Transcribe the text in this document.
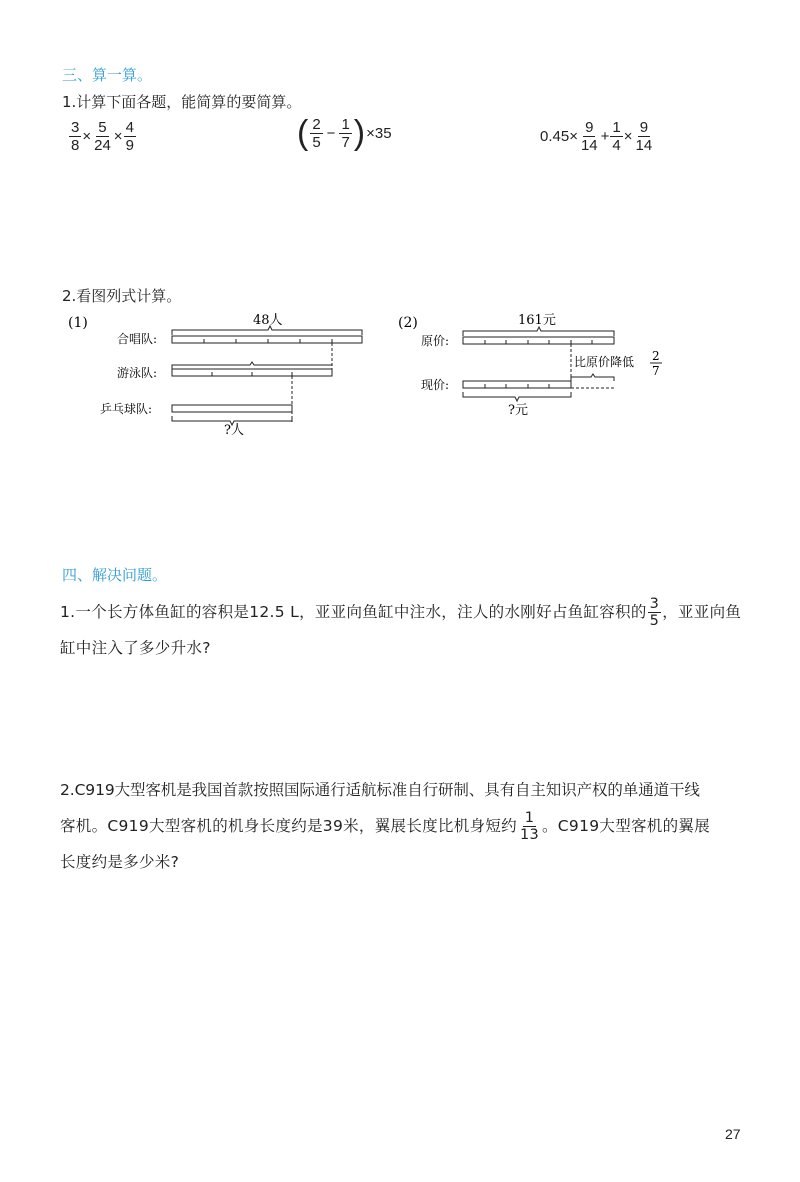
三、算一算。
1.计算下面各题，能简算的要简算。
$\frac{3}{8} \times \frac{5}{24} \times \frac{4}{9}$	( $\frac{2}{5} - \frac{1}{7}$ ) ×35	$0.45\times \frac{9}{14} + \frac{1}{4} \times \frac{9}{14}$
2.看图列式计算。
(1)
合唱队:
游泳队:
乒乓球队:
48人
?人
(2)
原价:
现价:
161元
比原价降低 2
7
?元
四、解决问题。
1.一个长方体鱼缸的容积是12.5 L，亚亚向鱼缸中注水，注人的水刚好占鱼缸容积的 $\frac{3}{5}$ ，亚亚向鱼
缸中注入了多少升水?
2.C919大型客机是我国首款按照国际通行适航标准自行研制、具有自主知识产权的单通道干线
客机。C919大型客机的机身长度约是39米，翼展长度比机身短约 $\frac{1}{13}$ 。C919大型客机的翼展
长度约是多少米?
27
